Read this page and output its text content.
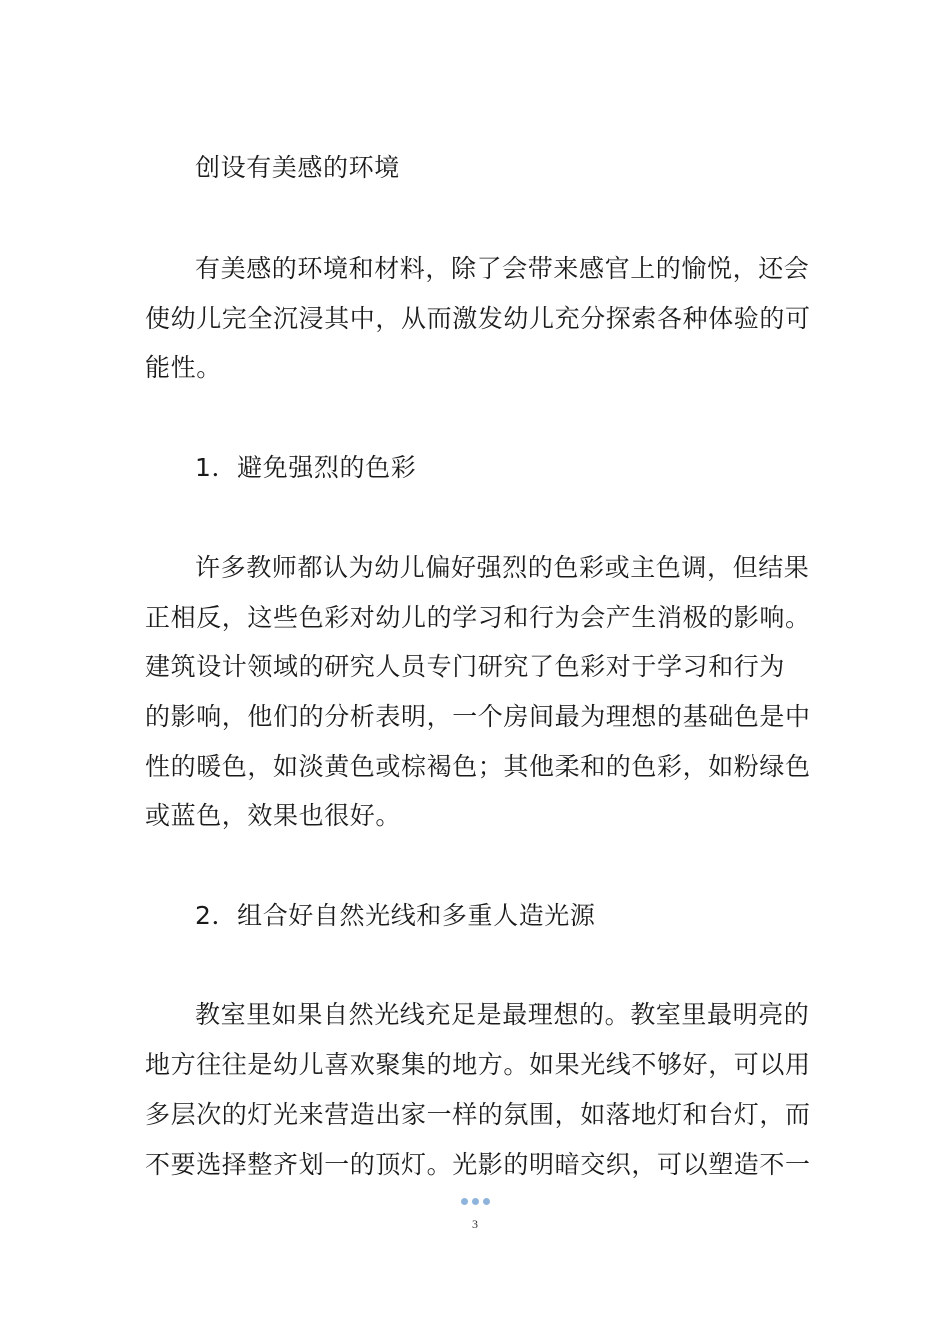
创设有美感的环境
有美感的环境和材料，除了会带来感官上的愉悦，还会
使幼儿完全沉浸其中，从而激发幼儿充分探索各种体验的可
能性。
1．避免强烈的色彩
许多教师都认为幼儿偏好强烈的色彩或主色调，但结果
正相反，这些色彩对幼儿的学习和行为会产生消极的影响。
建筑设计领域的研究人员专门研究了色彩对于学习和行为
的影响，他们的分析表明，一个房间最为理想的基础色是中
性的暖色，如淡黄色或棕褐色；其他柔和的色彩，如粉绿色
或蓝色，效果也很好。
2．组合好自然光线和多重人造光源
教室里如果自然光线充足是最理想的。教室里最明亮的
地方往往是幼儿喜欢聚集的地方。如果光线不够好，可以用
多层次的灯光来营造出家一样的氛围，如落地灯和台灯，而
不要选择整齐划一的顶灯。光影的明暗交织，可以塑造不一
3
